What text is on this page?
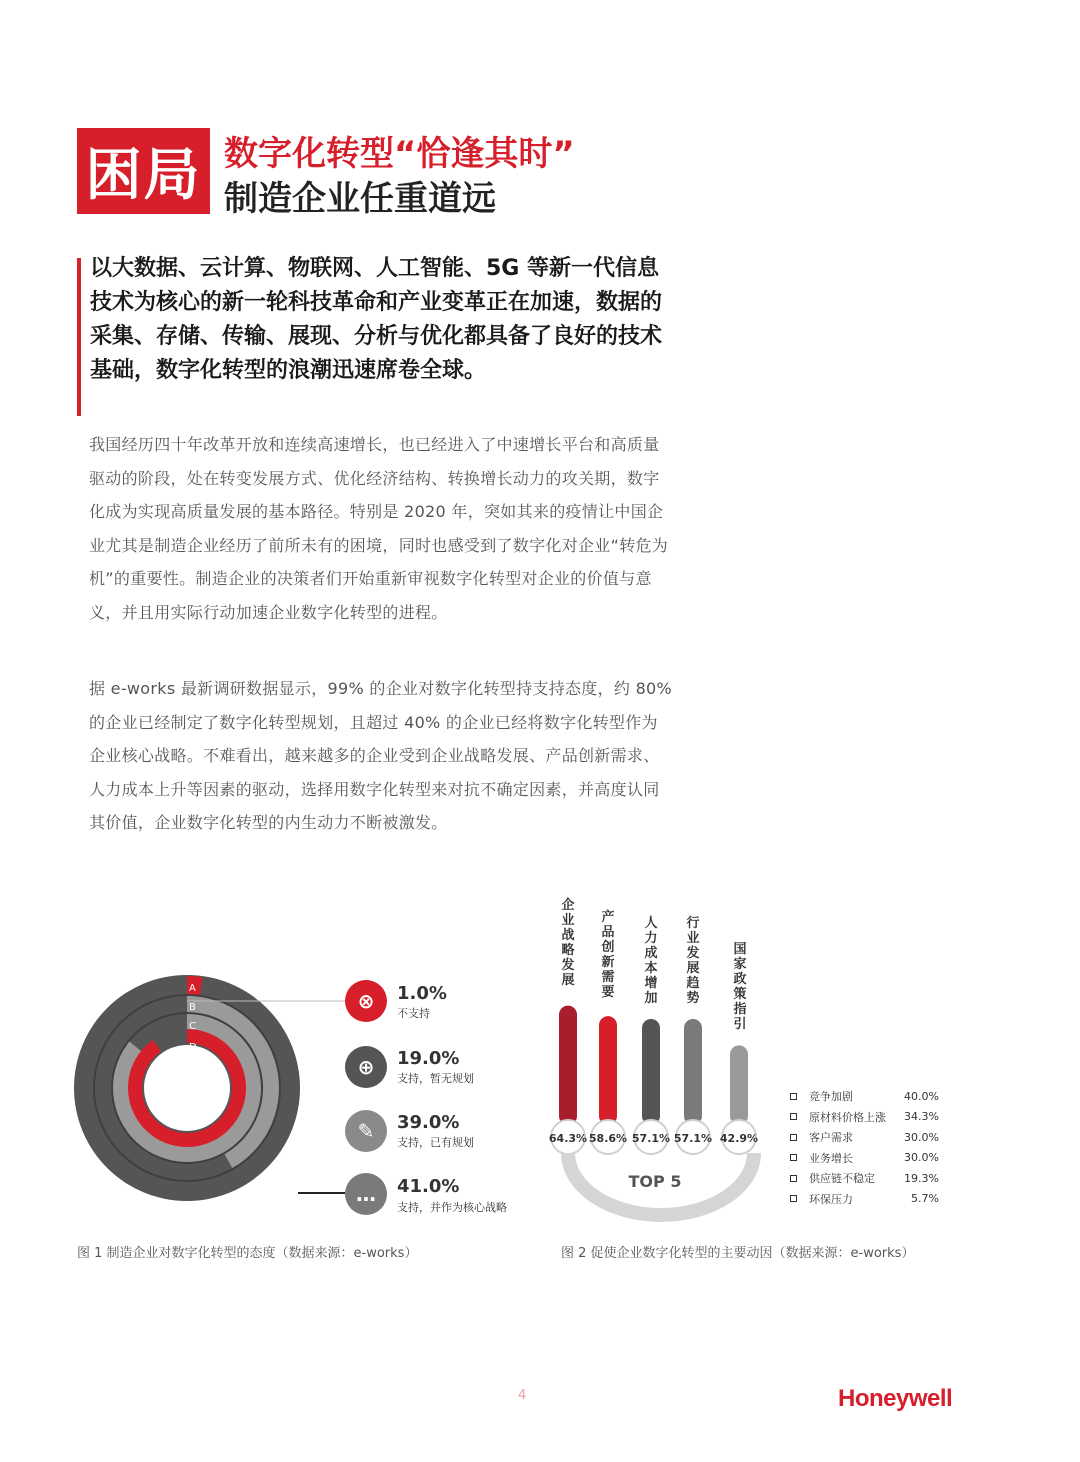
困局 数字化转型“恰逢其时”
制造企业任重道远
以大数据、云计算、物联网、人工智能、5G 等新一代信息技术为核心的新一轮科技革命和产业变革正在加速，数据的采集、存储、传输、展现、分析与优化都具备了良好的技术基础，数字化转型的浪潮迅速席卷全球。
我国经历四十年改革开放和连续高速增长，也已经进入了中速增长平台和高质量驱动的阶段，处在转变发展方式、优化经济结构、转换增长动力的攻关期，数字化成为实现高质量发展的基本路径。特别是 2020 年，突如其来的疫情让中国企业尤其是制造企业经历了前所未有的困境，同时也感受到了数字化对企业“转危为机”的重要性。制造企业的决策者们开始重新审视数字化转型对企业的价值与意义，并且用实际行动加速企业数字化转型的进程。
据 e-works 最新调研数据显示，99% 的企业对数字化转型持支持态度，约 80% 的企业已经制定了数字化转型规划，且超过 40% 的企业已经将数字化转型作为企业核心战略。不难看出，越来越多的企业受到企业战略发展、产品创新需求、人力成本上升等因素的驱动，选择用数字化转型来对抗不确定因素，并高度认同其价值，企业数字化转型的内生动力不断被激发。
A
B
C
D
⊗	1.0%
不支持
⊕	19.0%
支持，暂无规划
✎	39.0%
支持，已有规划
…	41.0%
支持，并作为核心战略
图 1 制造企业对数字化转型的态度（数据来源：e-works）
企业战略发展
产品创新需要
人力成本增加
行业发展趋势
国家政策指引
64.3% 58.6% 57.1% 57.1% 42.9%
TOP 5
竞争加剧	40.0%
原材料价格上涨	34.3%
客户需求	30.0%
业务增长	30.0%
供应链不稳定	19.3%
环保压力	5.7%
图 2 促使企业数字化转型的主要动因（数据来源：e-works）
4	Honeywell
